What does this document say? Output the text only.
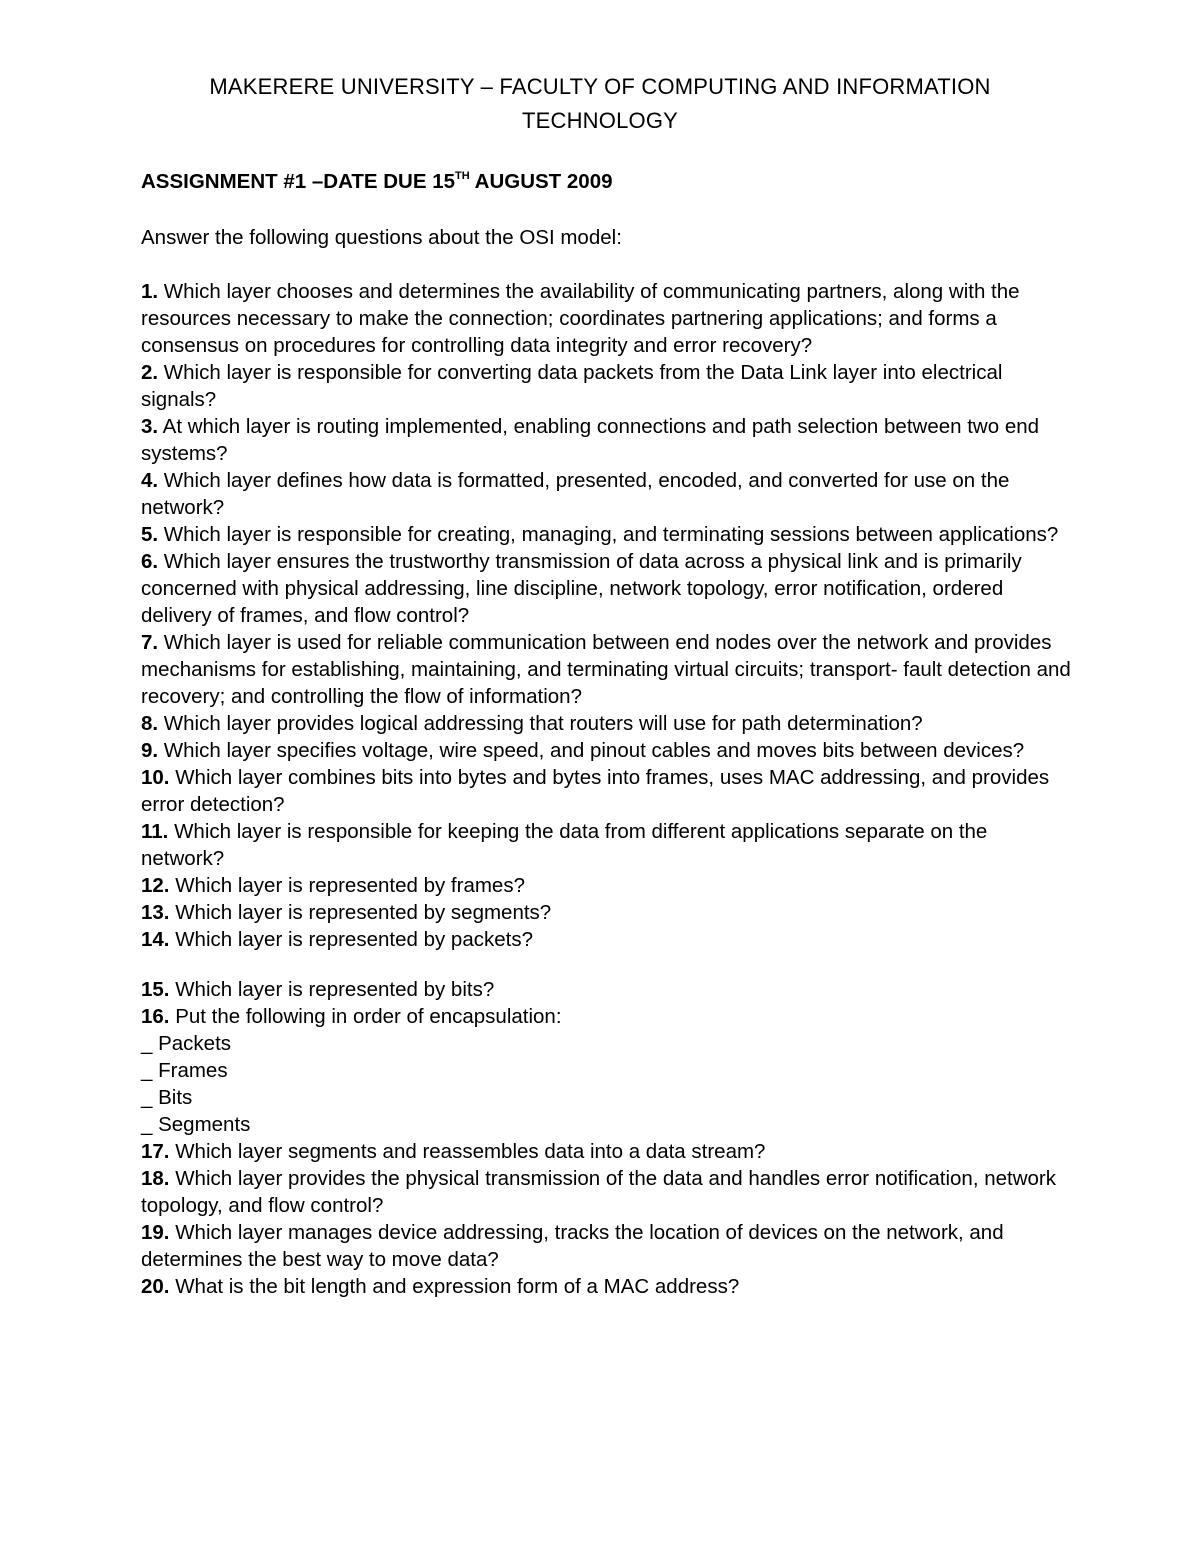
MAKERERE UNIVERSITY – FACULTY OF COMPUTING AND INFORMATION
TECHNOLOGY

ASSIGNMENT #1 –DATE DUE 15TH AUGUST 2009

Answer the following questions about the OSI model:

1. Which layer chooses and determines the availability of communicating partners, along with the resources necessary to make the connection; coordinates partnering applications; and forms a consensus on procedures for controlling data integrity and error recovery?

2. Which layer is responsible for converting data packets from the Data Link layer into electrical signals?

3. At which layer is routing implemented, enabling connections and path selection between two end systems?

4. Which layer defines how data is formatted, presented, encoded, and converted for use on the network?

5. Which layer is responsible for creating, managing, and terminating sessions between applications?

6. Which layer ensures the trustworthy transmission of data across a physical link and is primarily concerned with physical addressing, line discipline, network topology, error notification, ordered delivery of frames, and flow control?

7. Which layer is used for reliable communication between end nodes over the network and provides mechanisms for establishing, maintaining, and terminating virtual circuits; transport- fault detection and recovery; and controlling the flow of information?

8. Which layer provides logical addressing that routers will use for path determination?

9. Which layer specifies voltage, wire speed, and pinout cables and moves bits between devices?

10. Which layer combines bits into bytes and bytes into frames, uses MAC addressing, and provides error detection?

11. Which layer is responsible for keeping the data from different applications separate on the network?

12. Which layer is represented by frames?

13. Which layer is represented by segments?

14. Which layer is represented by packets?

15. Which layer is represented by bits?

16. Put the following in order of encapsulation:

_ Packets

_ Frames

_ Bits

_ Segments

17. Which layer segments and reassembles data into a data stream?

18. Which layer provides the physical transmission of the data and handles error notification, network topology, and flow control?

19. Which layer manages device addressing, tracks the location of devices on the network, and determines the best way to move data?

20. What is the bit length and expression form of a MAC address?
